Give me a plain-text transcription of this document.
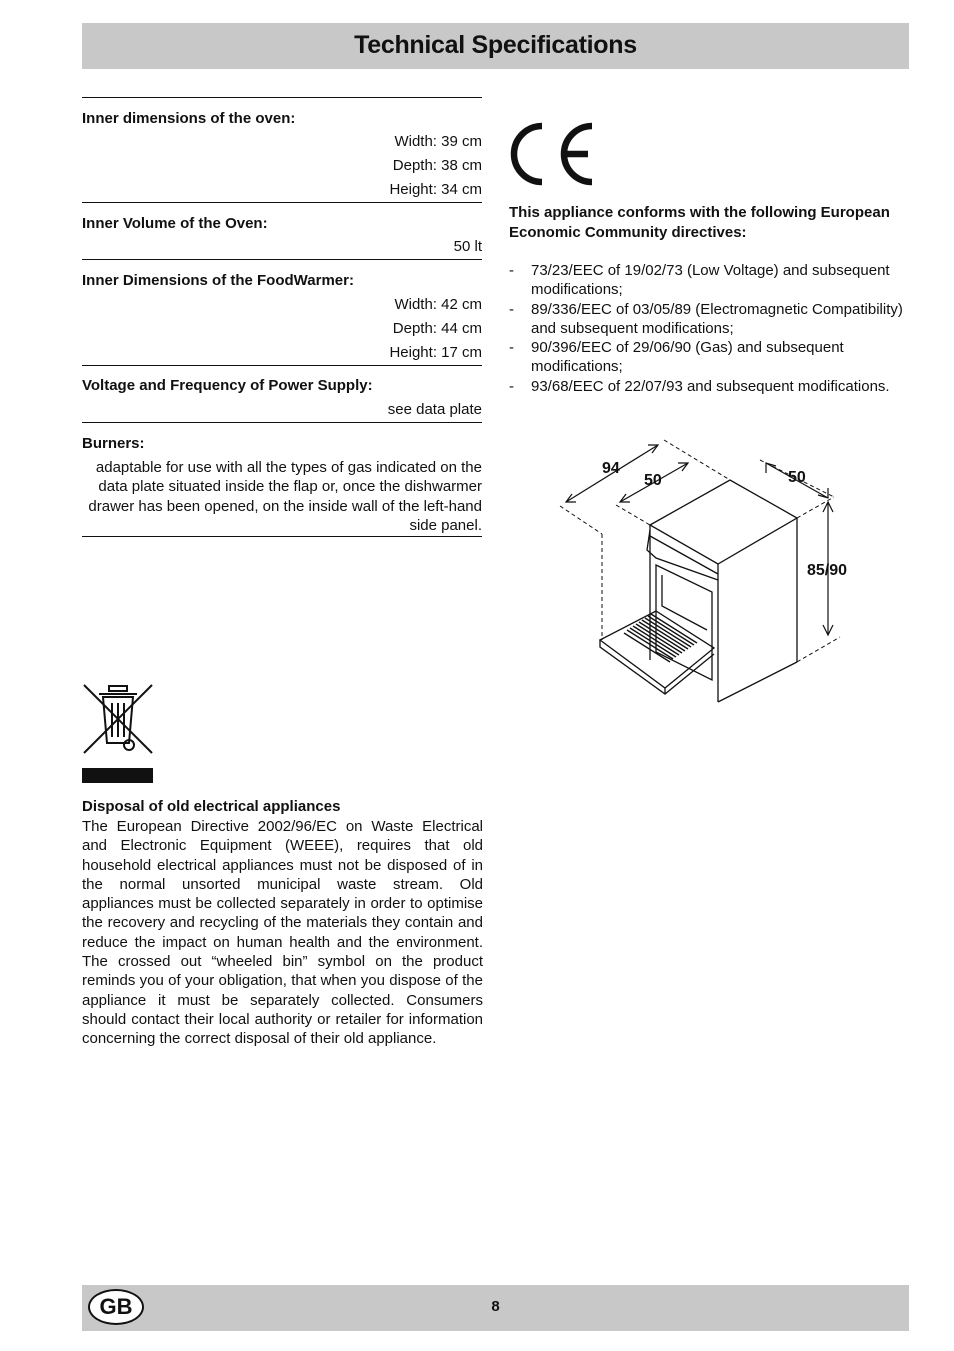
Technical Specifications
Inner dimensions of the oven:
Width: 39 cm
Depth: 38 cm
Height: 34 cm
Inner Volume of the Oven:
50 lt
Inner Dimensions of the FoodWarmer:
Width: 42 cm
Depth: 44 cm
Height: 17 cm
Voltage and Frequency of Power Supply:
see data plate
Burners:
adaptable for use with all the types of gas indicated on the data plate situated inside the flap or, once the dishwarmer drawer has been opened, on the inside wall of the left-hand side panel.
This appliance conforms with the following European Economic Community directives:
- 73/23/EEC of 19/02/73 (Low Voltage) and subsequent modifications;
- 89/336/EEC of 03/05/89 (Electromagnetic Compatibility) and subsequent modifications;
- 90/396/EEC of 29/06/90 (Gas) and subsequent modifications;
- 93/68/EEC of 22/07/93 and subsequent modifications.
94
50	50
85/90
Disposal of old electrical appliances
The European Directive 2002/96/EC on Waste Electrical and Electronic Equipment (WEEE), requires that old household electrical appliances must not be disposed of in the normal unsorted municipal waste stream. Old appliances must be collected separately in order to optimise the recovery and recycling of the materials they contain and reduce the impact on human health and the environment. The crossed out “wheeled bin” symbol on the product reminds you of your obligation, that when you dispose of the appliance it must be separately collected. Consumers should contact their local authority or retailer for information concerning the correct disposal of their old appliance.
GB	8
